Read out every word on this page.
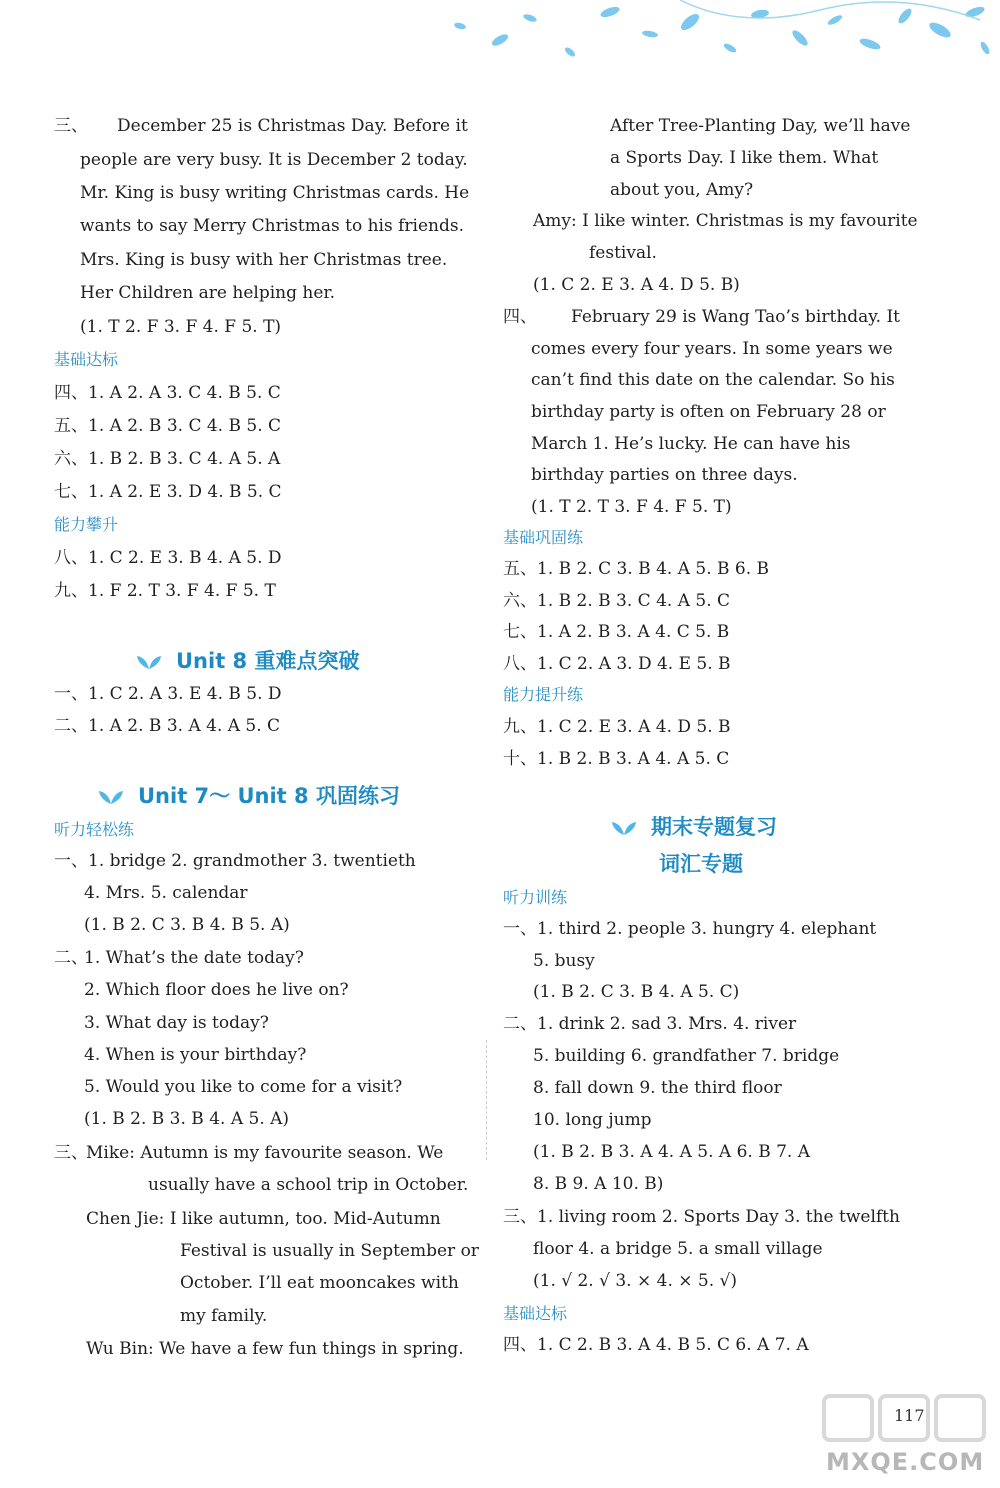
三、 December 25 is Christmas Day. Before it
people are very busy. It is December 2 today.
Mr. King is busy writing Christmas cards. He
wants to say Merry Christmas to his friends.
Mrs. King is busy with her Christmas tree.
Her Children are helping her.
(1. T 2. F 3. F 4. F 5. T)
基础达标
四、1. A 2. A 3. C 4. B 5. C
五、1. A 2. B 3. C 4. B 5. C
六、1. B 2. B 3. C 4. A 5. A
七、1. A 2. E 3. D 4. B 5. C
能力攀升
八、1. C 2. E 3. B 4. A 5. D
九、1. F 2. T 3. F 4. F 5. T
Unit 8 重难点突破
一、1. C 2. A 3. E 4. B 5. D
二、1. A 2. B 3. A 4. A 5. C
Unit 7～ Unit 8 巩固练习
听力轻松练
一、1. bridge 2. grandmother 3. twentieth
4. Mrs. 5. calendar
(1. B 2. C 3. B 4. B 5. A)
二、
1. What’s the date today?
2. Which floor does he live on?
3. What day is today?
4. When is your birthday?
5. Would you like to come for a visit?
(1. B 2. B 3. B 4. A 5. A)
三、
Mike: Autumn is my favourite season. We
usually have a school trip in October.
Chen Jie: I like autumn, too. Mid-Autumn
Festival is usually in September or
October. I’ll eat mooncakes with
my family.
Wu Bin: We have a few fun things in spring.
After Tree-Planting Day, we’ll have
a Sports Day. I like them. What
about you, Amy?
Amy: I like winter. Christmas is my favourite
festival.
(1. C 2. E 3. A 4. D 5. B)
四、 February 29 is Wang Tao’s birthday. It
comes every four years. In some years we
can’t find this date on the calendar. So his
birthday party is often on February 28 or
March 1. He’s lucky. He can have his
birthday parties on three days.
(1. T 2. T 3. F 4. F 5. T)
基础巩固练
五、1. B 2. C 3. B 4. A 5. B 6. B
六、1. B 2. B 3. C 4. A 5. C
七、1. A 2. B 3. A 4. C 5. B
八、1. C 2. A 3. D 4. E 5. B
能力提升练
九、1. C 2. E 3. A 4. D 5. B
十、1. B 2. B 3. A 4. A 5. C
期末专题复习
词汇专题
听力训练
一、1. third 2. people 3. hungry 4. elephant
5. busy
(1. B 2. C 3. B 4. A 5. C)
二、1. drink 2. sad 3. Mrs. 4. river
5. building 6. grandfather 7. bridge
8. fall down 9. the third floor
10. long jump
(1. B 2. B 3. A 4. A 5. A 6. B 7. A
8. B 9. A 10. B)
三、1. living room 2. Sports Day 3. the twelfth
floor 4. a bridge 5. a small village
(1. √ 2. √ 3. × 4. × 5. √)
基础达标
四、1. C 2. B 3. A 4. B 5. C 6. A 7. A
117
MXQE.COM
